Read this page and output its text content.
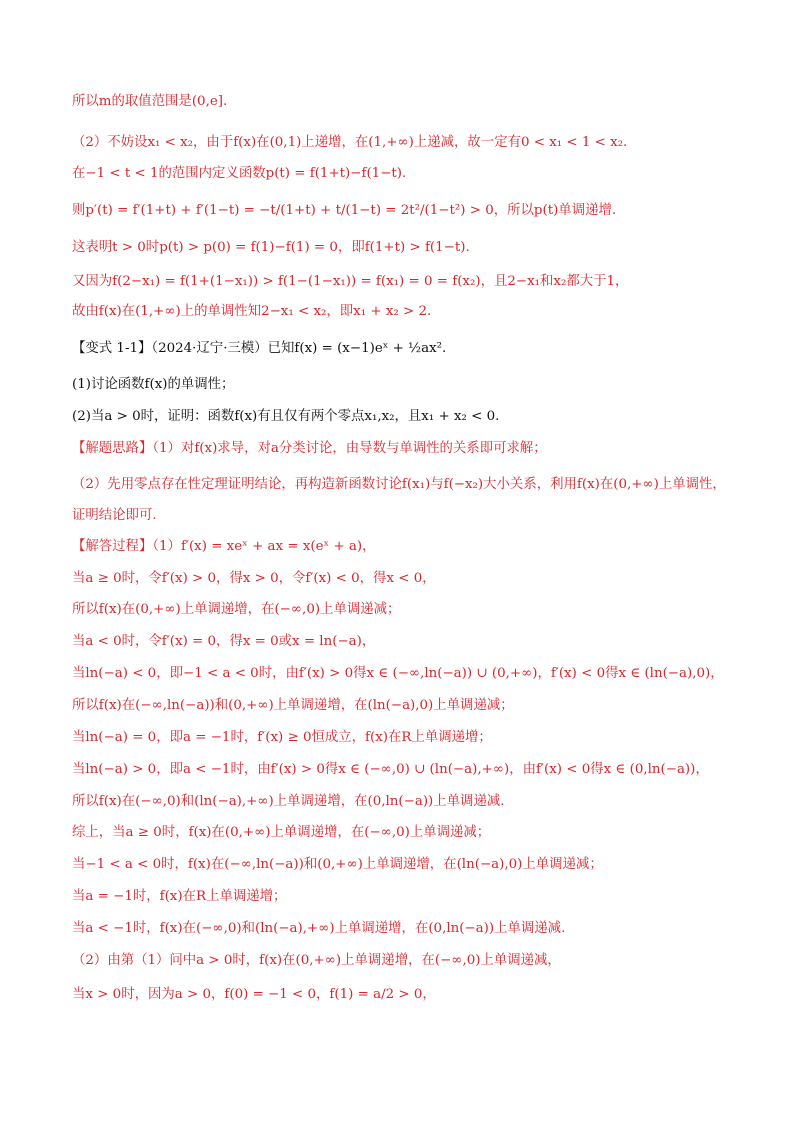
所以m的取值范围是(0,e].
（2）不妨设x₁ < x₂，由于f(x)在(0,1)上递增，在(1,+∞)上递减，故一定有0 < x₁ < 1 < x₂.
在−1 < t < 1的范围内定义函数p(t) = f(1+t)−f(1−t).
则p′(t) = f′(1+t) + f′(1−t) = −t/(1+t) + t/(1−t) = 2t²/(1−t²) > 0，所以p(t)单调递增.
这表明t > 0时p(t) > p(0) = f(1)−f(1) = 0，即f(1+t) > f(1−t).
又因为f(2−x₁) = f(1+(1−x₁)) > f(1−(1−x₁)) = f(x₁) = 0 = f(x₂)，且2−x₁和x₂都大于1，
故由f(x)在(1,+∞)上的单调性知2−x₁ < x₂，即x₁ + x₂ > 2.
【变式 1-1】（2024·辽宁·三模）已知f(x) = (x−1)eˣ + ½ax².
(1)讨论函数f(x)的单调性；
(2)当a > 0时，证明：函数f(x)有且仅有两个零点x₁,x₂，且x₁ + x₂ < 0.
【解题思路】（1）对f(x)求导，对a分类讨论，由导数与单调性的关系即可求解；
（2）先用零点存在性定理证明结论，再构造新函数讨论f(x₁)与f(−x₂)大小关系，利用f(x)在(0,+∞)上单调性，证明结论即可.
【解答过程】（1）f′(x) = xeˣ + ax = x(eˣ + a)，
当a ≥ 0时，令f′(x) > 0，得x > 0，令f′(x) < 0，得x < 0，
所以f(x)在(0,+∞)上单调递增，在(−∞,0)上单调递减；
当a < 0时，令f′(x) = 0，得x = 0或x = ln(−a)，
当ln(−a) < 0，即−1 < a < 0时，由f′(x) > 0得x ∈ (−∞,ln(−a)) ∪ (0,+∞)，f′(x) < 0得x ∈ (ln(−a),0)，
所以f(x)在(−∞,ln(−a))和(0,+∞)上单调递增，在(ln(−a),0)上单调递减；
当ln(−a) = 0，即a = −1时，f′(x) ≥ 0恒成立，f(x)在R上单调递增；
当ln(−a) > 0，即a < −1时，由f′(x) > 0得x ∈ (−∞,0) ∪ (ln(−a),+∞)，由f′(x) < 0得x ∈ (0,ln(−a))，
所以f(x)在(−∞,0)和(ln(−a),+∞)上单调递增，在(0,ln(−a))上单调递减.
综上，当a ≥ 0时，f(x)在(0,+∞)上单调递增，在(−∞,0)上单调递减；
当−1 < a < 0时，f(x)在(−∞,ln(−a))和(0,+∞)上单调递增，在(ln(−a),0)上单调递减；
当a = −1时，f(x)在R上单调递增；
当a < −1时，f(x)在(−∞,0)和(ln(−a),+∞)上单调递增，在(0,ln(−a))上单调递减.
（2）由第（1）问中a > 0时，f(x)在(0,+∞)上单调递增，在(−∞,0)上单调递减，
当x > 0时，因为a > 0，f(0) = −1 < 0，f(1) = a/2 > 0，
